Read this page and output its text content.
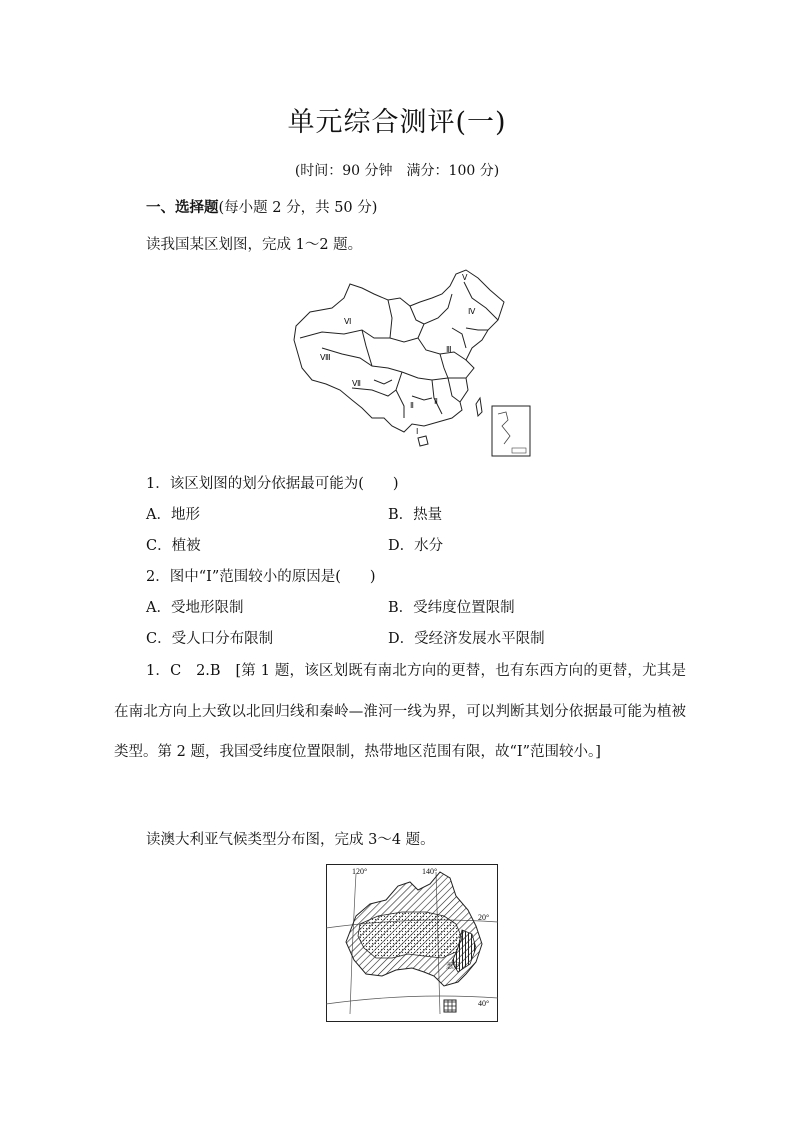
单元综合测评(一)
(时间：90 分钟　满分：100 分)
一、选择题(每小题 2 分，共 50 分)
读我国某区划图，完成 1～2 题。
Ⅵ
Ⅴ
Ⅳ
Ⅷ
Ⅲ
Ⅶ
Ⅱ
Ⅱ
Ⅰ
1．该区划图的划分依据最可能为(　　)
A．地形	B．热量
C．植被	D．水分
2．图中“Ⅰ”范围较小的原因是(　　)
A．受地形限制	B．受纬度位置限制
C．受人口分布限制	D．受经济发展水平限制
1．C　2.B　[第 1 题，该区划既有南北方向的更替，也有东西方向的更替，尤其是在南北方向上大致以北回归线和秦岭—淮河一线为界，可以判断其划分依据最可能为植被类型。第 2 题，我国受纬度位置限制，热带地区范围有限，故“Ⅰ”范围较小。]
读澳大利亚气候类型分布图，完成 3～4 题。
120°	140°
20°
40°
悉尼
